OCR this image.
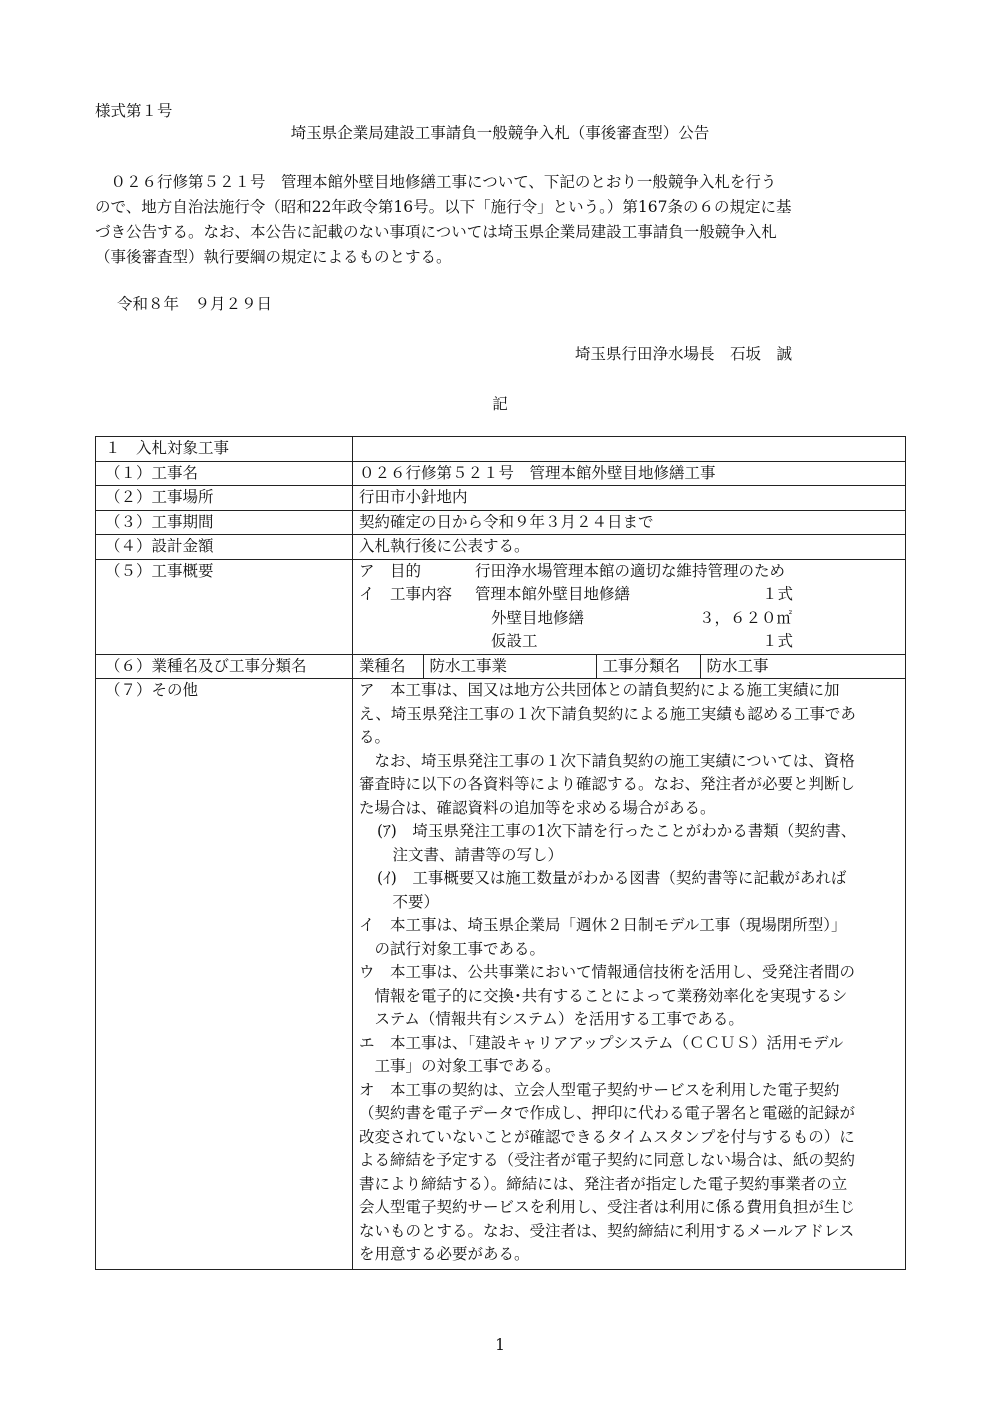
様式第１号
埼玉県企業局建設工事請負一般競争入札（事後審査型）公告
　０２６行修第５２１号　管理本館外壁目地修繕工事について、下記のとおり一般競争入札を行う
ので、地方自治法施行令（昭和22年政令第16号。以下「施行令」という。）第167条の６の規定に基
づき公告する。なお、本公告に記載のない事項については埼玉県企業局建設工事請負一般競争入札
（事後審査型）執行要綱の規定によるものとする。
令和８年　９月２９日
埼玉県行田浄水場長　石坂　誠
記
１　入札対象工事	
（１）工事名	０２６行修第５２１号　管理本館外壁目地修繕工事
（２）工事場所	行田市小針地内
（３）工事期間	契約確定の日から令和９年３月２４日まで
（４）設計金額	入札執行後に公表する。
（５）工事概要	ア　目的	行田浄水場管理本館の適切な維持管理のため
イ　工事内容 管理本館外壁目地修繕	１式
外壁目地修繕	３，６２０㎡
仮設工	１式

（６）業種名及び工事分類名		業種名	防水工事業	工事分類名	防水工事

（７）その他	ア　本工事は、国又は地方公共団体との請負契約による施工実績に加
え、埼玉県発注工事の１次下請負契約による施工実績も認める工事であ
る。
　なお、埼玉県発注工事の１次下請負契約の施工実績については、資格
審査時に以下の各資料等により確認する。なお、発注者が必要と判断し
た場合は、確認資料の追加等を求める場合がある。
(ｱ)　埼玉県発注工事の1次下請を行ったことがわかる書類（契約書、
　注文書、請書等の写し）
(ｲ)　工事概要又は施工数量がわかる図書（契約書等に記載があれば
　不要）
イ　本工事は、埼玉県企業局「週休２日制モデル工事（現場閉所型）」
　の試行対象工事である。
ウ　本工事は、公共事業において情報通信技術を活用し、受発注者間の
　情報を電子的に交換･共有することによって業務効率化を実現するシ
　ステム（情報共有システム）を活用する工事である。
エ　本工事は、「建設キャリアアップシステム（ＣＣＵＳ）活用モデル
　工事」の対象工事である。
オ　本工事の契約は、立会人型電子契約サービスを利用した電子契約
（契約書を電子データで作成し、押印に代わる電子署名と電磁的記録が
改変されていないことが確認できるタイムスタンプを付与するもの）に
よる締結を予定する（受注者が電子契約に同意しない場合は、紙の契約
書により締結する）。締結には、発注者が指定した電子契約事業者の立
会人型電子契約サービスを利用し、受注者は利用に係る費用負担が生じ
ないものとする。なお、受注者は、契約締結に利用するメールアドレス
を用意する必要がある。
1
